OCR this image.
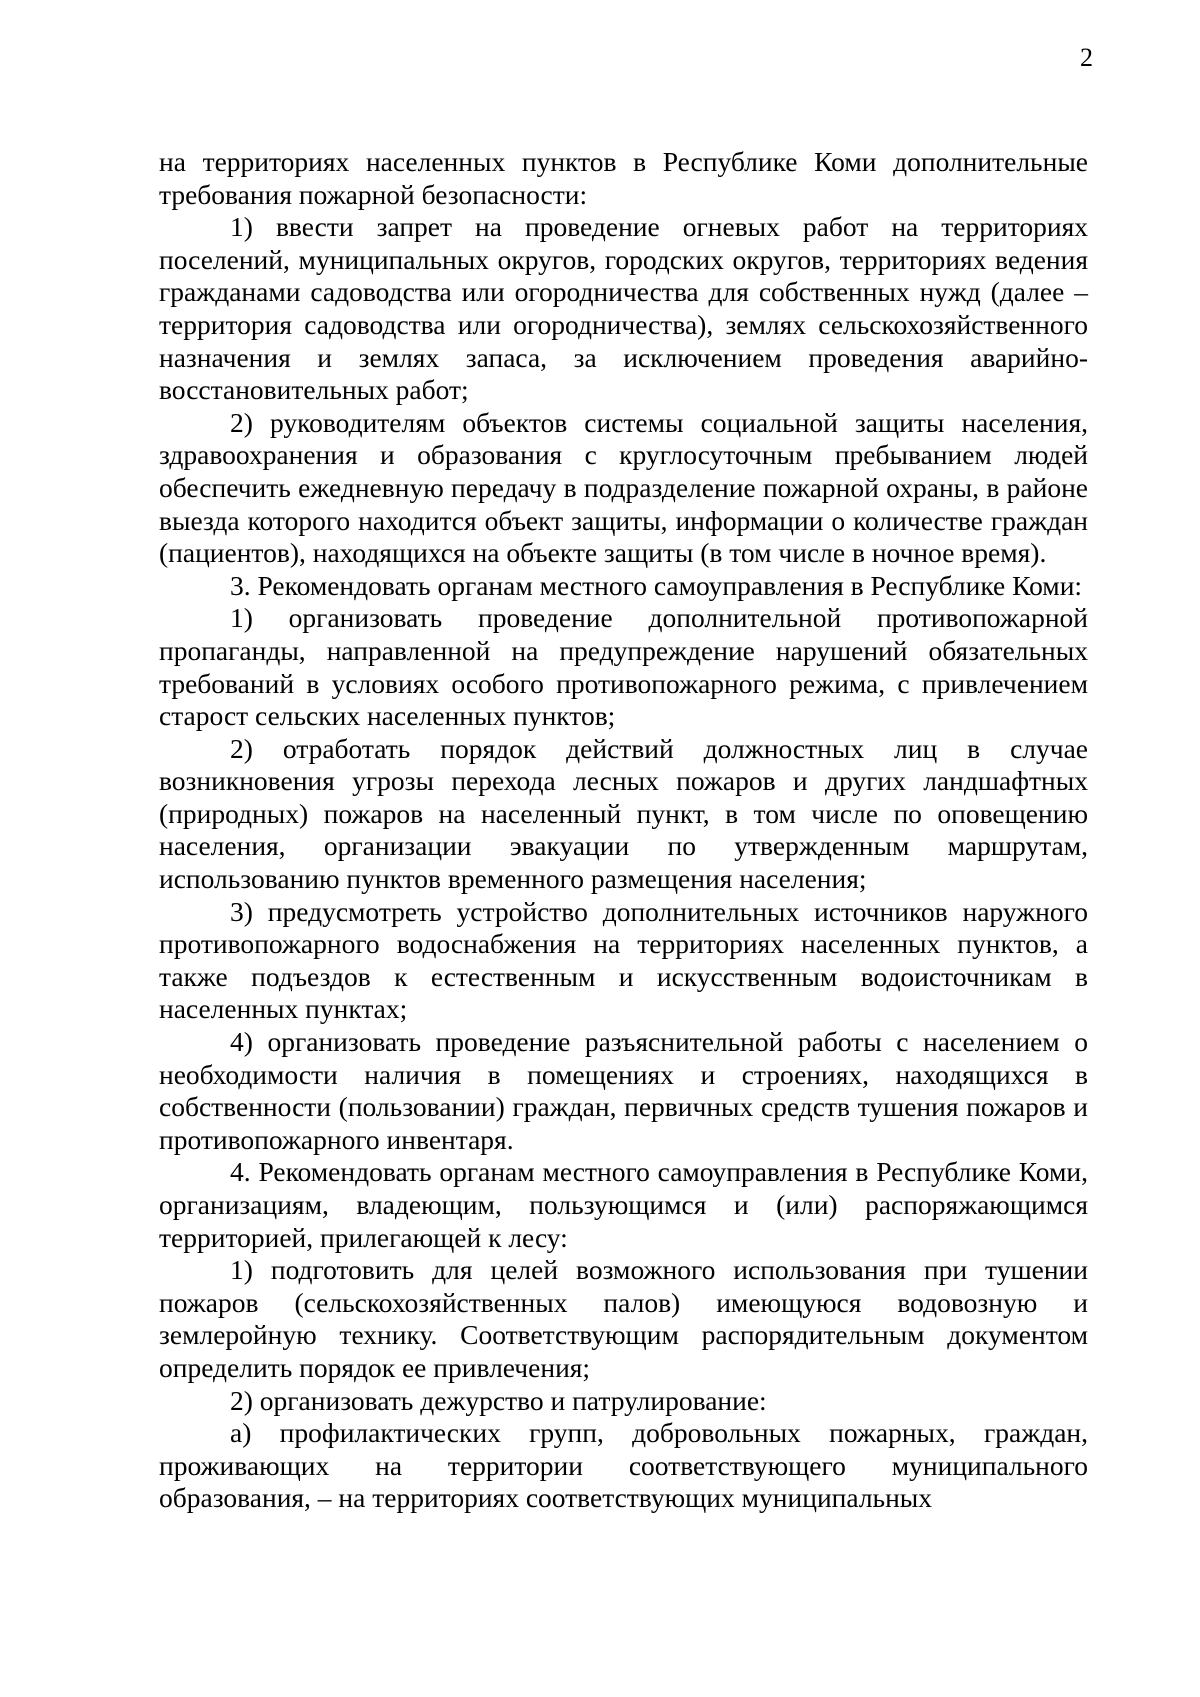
2

на территориях населенных пунктов в Республике Коми дополнительные требования пожарной безопасности:

1) ввести запрет на проведение огневых работ на территориях поселений, муниципальных округов, городских округов, территориях ведения гражданами садоводства или огородничества для собственных нужд (далее – территория садоводства или огородничества), землях сельскохозяйственного назначения и землях запаса, за исключением проведения аварийно-восстановительных работ;

2) руководителям объектов системы социальной защиты населения, здравоохранения и образования с круглосуточным пребыванием людей обеспечить ежедневную передачу в подразделение пожарной охраны, в районе выезда которого находится объект защиты, информации о количестве граждан (пациентов), находящихся на объекте защиты (в том числе в ночное время).

3. Рекомендовать органам местного самоуправления в Республике Коми:

1) организовать проведение дополнительной противопожарной пропаганды, направленной на предупреждение нарушений обязательных требований в условиях особого противопожарного режима, с привлечением старост сельских населенных пунктов;

2) отработать порядок действий должностных лиц в случае возникновения угрозы перехода лесных пожаров и других ландшафтных (природных) пожаров на населенный пункт, в том числе по оповещению населения, организации эвакуации по утвержденным маршрутам, использованию пунктов временного размещения населения;

3) предусмотреть устройство дополнительных источников наружного противопожарного водоснабжения на территориях населенных пунктов, а также подъездов к естественным и искусственным водоисточникам в населенных пунктах;

4) организовать проведение разъяснительной работы с населением о необходимости наличия в помещениях и строениях, находящихся в собственности (пользовании) граждан, первичных средств тушения пожаров и противопожарного инвентаря.

4. Рекомендовать органам местного самоуправления в Республике Коми, организациям, владеющим, пользующимся и (или) распоряжающимся территорией, прилегающей к лесу:

1) подготовить для целей возможного использования при тушении пожаров (сельскохозяйственных палов) имеющуюся водовозную и землеройную технику. Соответствующим распорядительным документом определить порядок ее привлечения;

2) организовать дежурство и патрулирование:

а) профилактических групп, добровольных пожарных, граждан, проживающих на территории соответствующего муниципального образования, – на территориях соответствующих муниципальных
